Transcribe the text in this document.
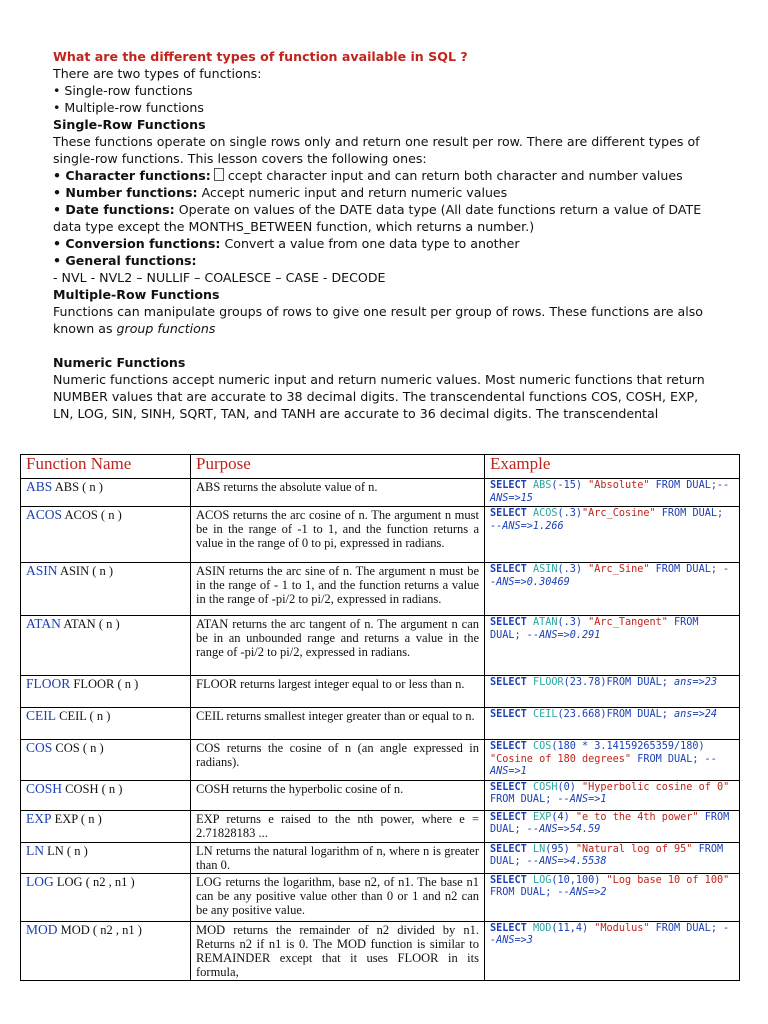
What are the different types of function available in SQL ?

There are two types of functions:

• Single-row functions

• Multiple-row functions

Single-Row Functions

These functions operate on single rows only and return one result per row. There are different types of single-row functions. This lesson covers the following ones:

• Character functions: ccept character input and can return both character and number values

• Number functions: Accept numeric input and return numeric values

• Date functions: Operate on values of the DATE data type (All date functions return a value of DATE data type except the MONTHS_BETWEEN function, which returns a number.)

• Conversion functions: Convert a value from one data type to another

• General functions:

- NVL - NVL2 – NULLIF – COALESCE – CASE - DECODE

Multiple-Row Functions

Functions can manipulate groups of rows to give one result per group of rows. These functions are also known as group functions

Numeric Functions

Numeric functions accept numeric input and return numeric values. Most numeric functions that return NUMBER values that are accurate to 38 decimal digits. The transcendental functions COS, COSH, EXP, LN, LOG, SIN, SINH, SQRT, TAN, and TANH are accurate to 36 decimal digits. The transcendental

Function Name	Purpose	Example
ABS ABS ( n )	ABS returns the absolute value of n.	SELECT ABS(-15) "Absolute" FROM DUAL;--ANS=>15
ACOS ACOS ( n )	ACOS returns the arc cosine of n. The argument n must be in the range of -1 to 1, and the function returns a value in the range of 0 to pi, expressed in radians.	SELECT ACOS(.3)"Arc_Cosine" FROM DUAL; --ANS=>1.266
ASIN ASIN ( n )	ASIN returns the arc sine of n. The argument n must be in the range of - 1 to 1, and the function returns a value in the range of -pi/2 to pi/2, expressed in radians.	SELECT ASIN(.3) "Arc_Sine" FROM DUAL; --ANS=>0.30469
ATAN ATAN ( n )	ATAN returns the arc tangent of n. The argument n can be in an unbounded range and returns a value in the range of -pi/2 to pi/2, expressed in radians.	SELECT ATAN(.3) "Arc_Tangent" FROM DUAL; --ANS=>0.291
FLOOR FLOOR ( n )	FLOOR returns largest integer equal to or less than n.	SELECT FLOOR(23.78)FROM DUAL; ans=>23
CEIL CEIL ( n )	CEIL returns smallest integer greater than or equal to n.	SELECT CEIL(23.668)FROM DUAL; ans=>24
COS COS ( n )	COS returns the cosine of n (an angle expressed in radians).	SELECT COS(180 * 3.14159265359/180) "Cosine of 180 degrees" FROM DUAL; --ANS=>1
COSH COSH ( n )	COSH returns the hyperbolic cosine of n.	SELECT COSH(0) "Hyperbolic cosine of 0" FROM DUAL; --ANS=>1
EXP EXP ( n )	EXP returns e raised to the nth power, where e = 2.71828183 ...	SELECT EXP(4) "e to the 4th power" FROM DUAL; --ANS=>54.59
LN LN ( n )	LN returns the natural logarithm of n, where n is greater than 0.	SELECT LN(95) "Natural log of 95" FROM DUAL; --ANS=>4.5538
LOG LOG ( n2 , n1 )	LOG returns the logarithm, base n2, of n1. The base n1 can be any positive value other than 0 or 1 and n2 can be any positive value.	SELECT LOG(10,100) "Log base 10 of 100" FROM DUAL; --ANS=>2
MOD MOD ( n2 , n1 )	MOD returns the remainder of n2 divided by n1. Returns n2 if n1 is 0. The MOD function is similar to REMAINDER except that it uses FLOOR in its formula,	SELECT MOD(11,4) "Modulus" FROM DUAL; --ANS=>3
